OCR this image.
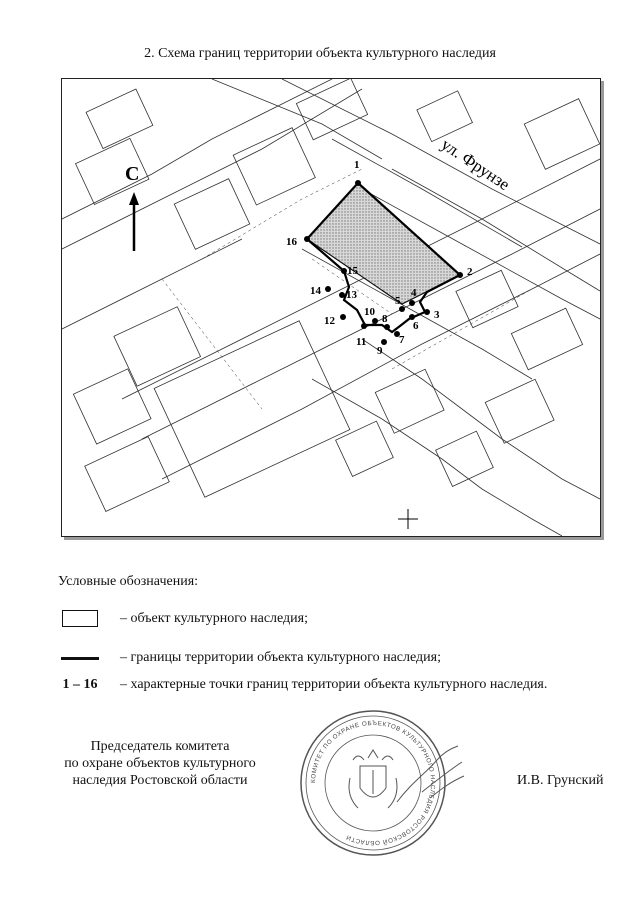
2. Схема границ территории объекта культурного наследия
1
2
3
4
5
6
7
8
9
10
11
12
13
14
15
16
ул. Фрунзе
С
Условные обозначения:
– объект культурного наследия;
– границы территории объекта культурного наследия;
1 – 16 – характерные точки границ территории объекта культурного наследия.
Председатель комитета
по охране объектов культурного
наследия Ростовской области	КОМИТЕТ ПО ОХРАНЕ ОБЪЕКТОВ КУЛЬТУРНОГО НАСЛЕДИЯ РОСТОВСКОЙ ОБЛАСТИ
И.В. Грунский
